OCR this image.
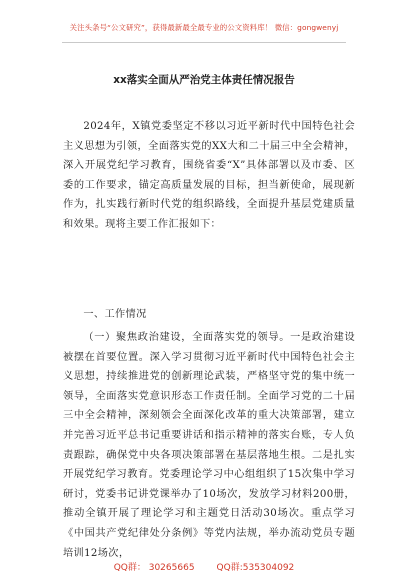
关注头条号“公文研究”，获得最新最全最专业的公文资料库！ 微信：gongwenyj
xx落实全面从严治党主体责任情况报告

2024年，X镇党委坚定不移以习近平新时代中国特色社会主义思想为引领，全面落实党的XX大和二十届三中全会精神，深入开展党纪学习教育，围绕省委“X”具体部署以及市委、区委的工作要求，锚定高质量发展的目标，担当新使命，展现新作为，扎实践行新时代党的组织路线，全面提升基层党建质量和效果。现将主要工作汇报如下：

一、工作情况

（一）聚焦政治建设，全面落实党的领导。一是政治建设被摆在首要位置。深入学习贯彻习近平新时代中国特色社会主义思想，持续推进党的创新理论武装，严格坚守党的集中统一领导，全面落实党意识形态工作责任制。全面学习党的二十届三中全会精神，深刻领会全面深化改革的重大决策部署，建立并完善习近平总书记重要讲话和指示精神的落实台账，专人负责跟踪，确保党中央各项决策部署在基层落地生根。二是扎实开展党纪学习教育。党委理论学习中心组组织了15次集中学习研讨，党委书记讲党课举办了10场次，发放学习材料200册，推动全镇开展了理论学习和主题党日活动30场次。重点学习《中国共产党纪律处分条例》等党内法规，举办流动党员专题培训12场次，

QQ群： 30265665 QQ群:535304092
